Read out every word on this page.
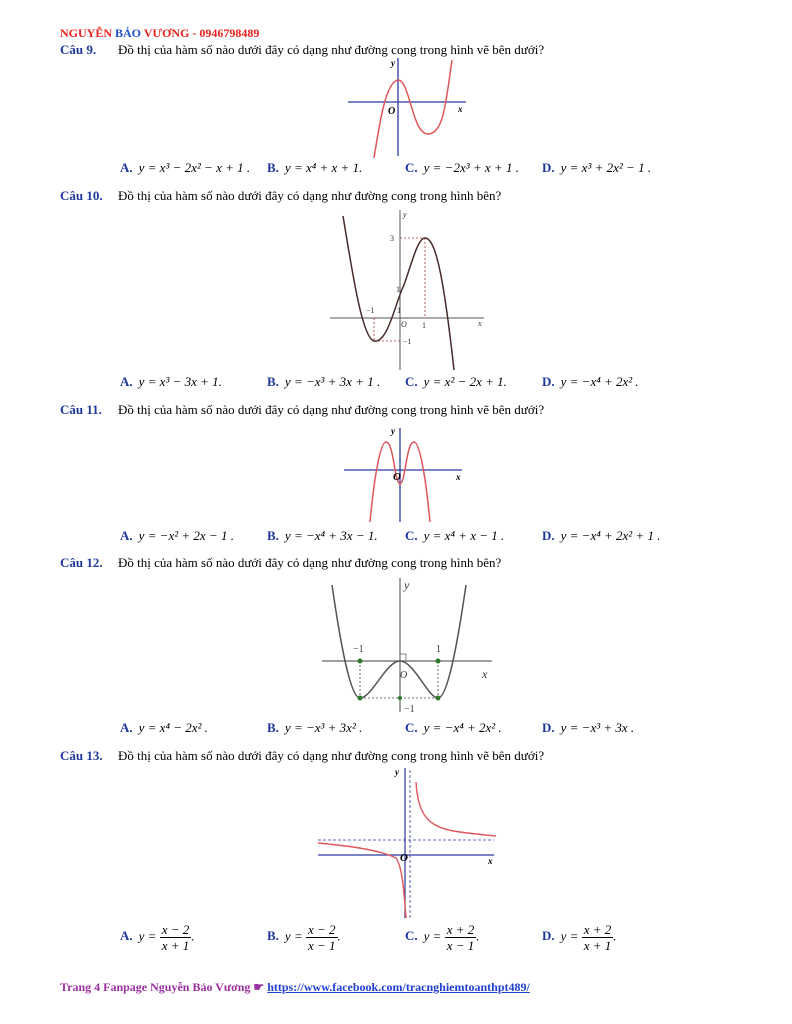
NGUYỄN BẢO VƯƠNG - 0946798489
Câu 9. Đồ thị của hàm số nào dưới đây có dạng như đường cong trong hình vẽ bên dưới?
O	x
y
A. y = x³ − 2x² − x + 1 . B. y = x⁴ + x + 1.	C. y = −2x³ + x + 1 . D. y = x³ + 2x² − 1 .
Câu 10. Đồ thị của hàm số nào dưới đây có dạng như đường cong trong hình bên?
3
1
−1
−1
1
1
O	x
y
A. y = x³ − 3x + 1.	B. y = −x³ + 3x + 1 . C. y = x² − 2x + 1.	D. y = −x⁴ + 2x² .
Câu 11. Đồ thị của hàm số nào dưới đây có dạng như đường cong trong hình vẽ bên dưới?
O	x
y
A. y = −x² + 2x − 1 .	B. y = −x⁴ + 3x − 1. C. y = x⁴ + x − 1 .	D. y = −x⁴ + 2x² + 1 .
Câu 12. Đồ thị của hàm số nào dưới đây có dạng như đường cong trong hình bên?
−1	1
−1
O	x
y
A. y = x⁴ − 2x² .	B. y = −x³ + 3x² .	C. y = −x⁴ + 2x² .	D. y = −x³ + 3x .
Câu 13. Đồ thị của hàm số nào dưới đây có dạng như đường cong trong hình vẽ bên dưới?
O	x
y
A. $y = \frac{x - 2}{x + 1}$ .	B. $y = \frac{x - 2}{x - 1}$ .	C. $y = \frac{x + 2}{x - 1}$ .	D. $y = \frac{x + 2}{x + 1}$ .
Trang 4 Fanpage Nguyễn Bảo Vương ☛ https://www.facebook.com/tracnghiemtoanthpt489/
